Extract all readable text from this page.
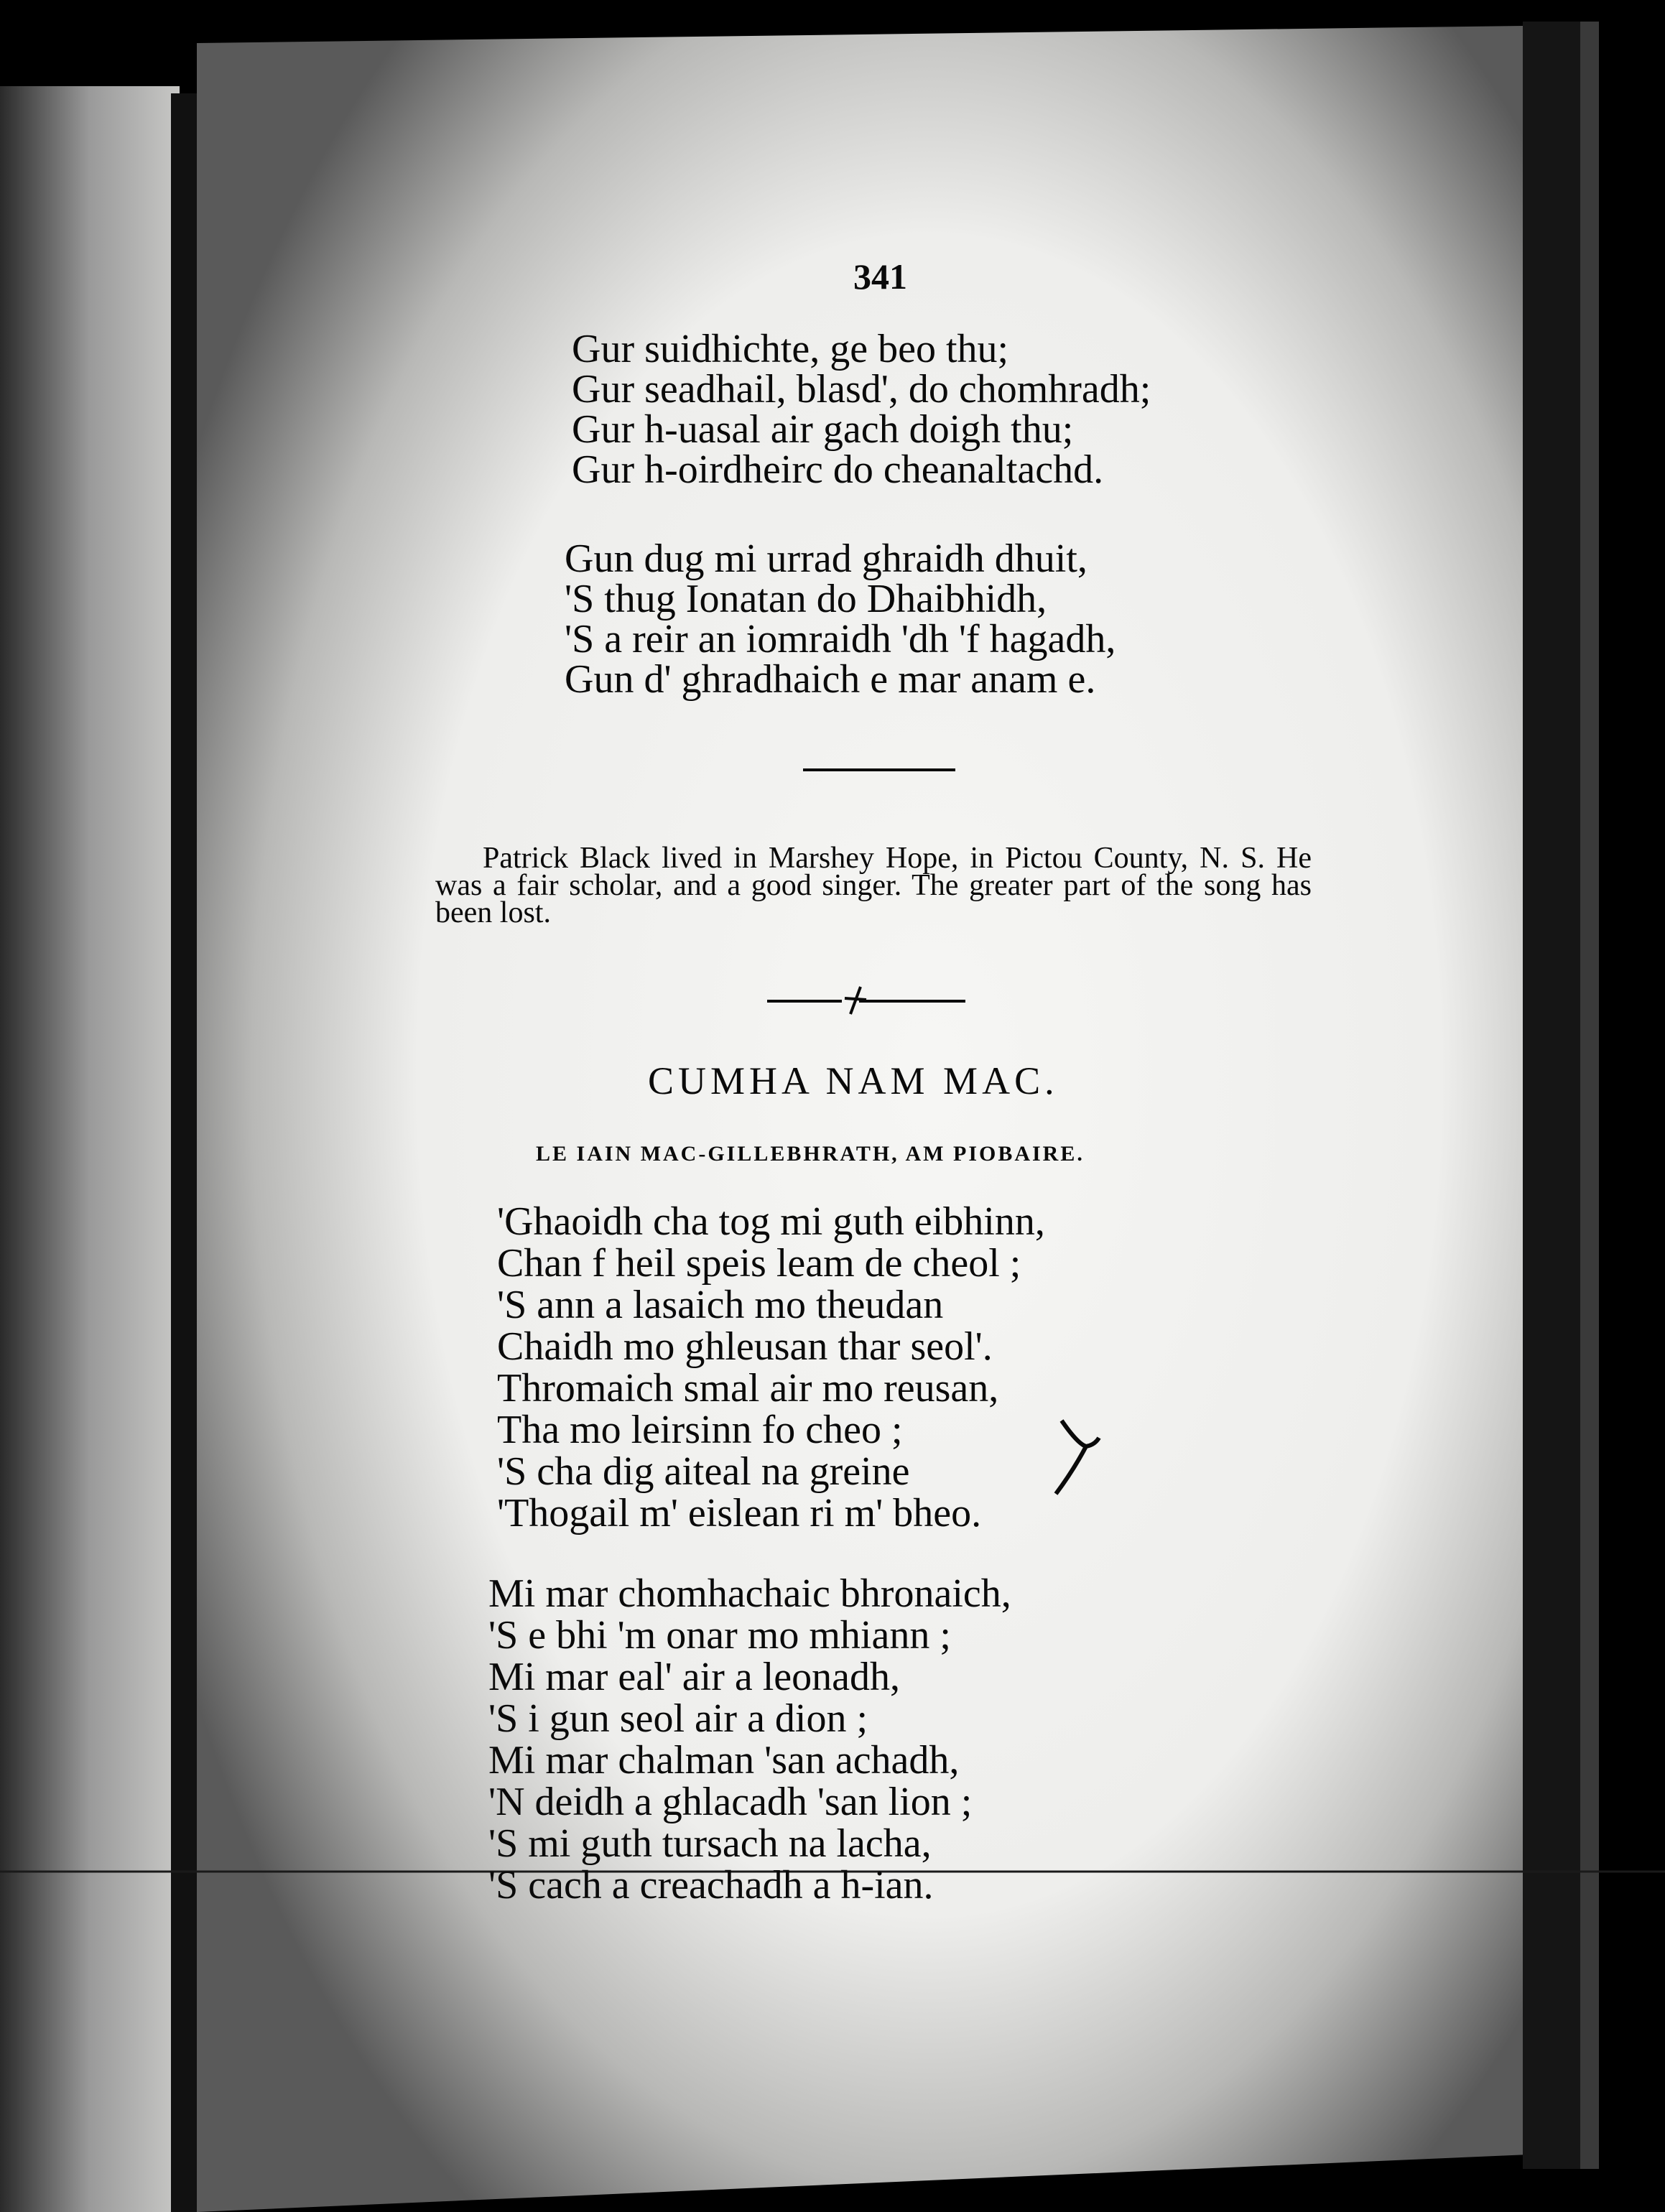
341
Gur suidhichte, ge beo thu;
Gur seadhail, blasd', do chomhradh;
Gur h-uasal air gach doigh thu;
Gur h-oirdheirc do cheanaltachd.
Gun dug mi urrad ghraidh dhuit,
'S thug Ionatan do Dhaibhidh,
'S a reir an iomraidh 'dh 'f hagadh,
Gun d' ghradhaich e mar anam e.

Patrick Black lived in Marshey Hope, in Pictou County, N. S. He was a fair scholar, and a good singer. The greater part of the song has been lost.

CUMHA NAM MAC.
LE IAIN MAC-GILLEBHRATH, AM PIOBAIRE.
'Ghaoidh cha tog mi guth eibhinn,
Chan f heil speis leam de cheol ;
'S ann a lasaich mo theudan
Chaidh mo ghleusan thar seol'.
Thromaich smal air mo reusan,
Tha mo leirsinn fo cheo ;
'S cha dig aiteal na greine
'Thogail m' eislean ri m' bheo.
Mi mar chomhachaic bhronaich,
'S e bhi 'm onar mo mhiann ;
Mi mar eal' air a leonadh,
'S i gun seol air a dion ;
Mi mar chalman 'san achadh,
'N deidh a ghlacadh 'san lion ;
'S mi guth tursach na lacha,
'S cach a creachadh a h-ian.
